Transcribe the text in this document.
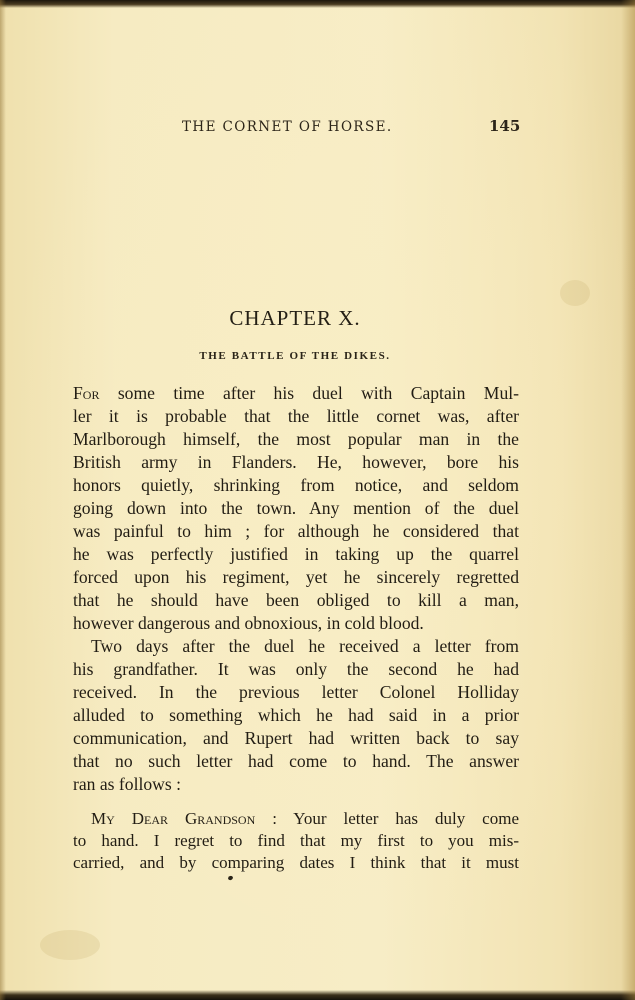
THE CORNET OF HORSE.	145
CHAPTER X.
THE BATTLE OF THE DIKES.
For some time after his duel with Captain Mul-
ler it is probable that the little cornet was, after
Marlborough himself, the most popular man in the
British army in Flanders. He, however, bore his
honors quietly, shrinking from notice, and seldom
going down into the town. Any mention of the duel
was painful to him ; for although he considered that
he was perfectly justified in taking up the quarrel
forced upon his regiment, yet he sincerely regretted
that he should have been obliged to kill a man,
however dangerous and obnoxious, in cold blood.
Two days after the duel he received a letter from
his grandfather. It was only the second he had
received. In the previous letter Colonel Holliday
alluded to something which he had said in a prior
communication, and Rupert had written back to say
that no such letter had come to hand. The answer
ran as follows :
My Dear Grandson : Your letter has duly come
to hand. I regret to find that my first to you mis-
carried, and by comparing dates I think that it must
